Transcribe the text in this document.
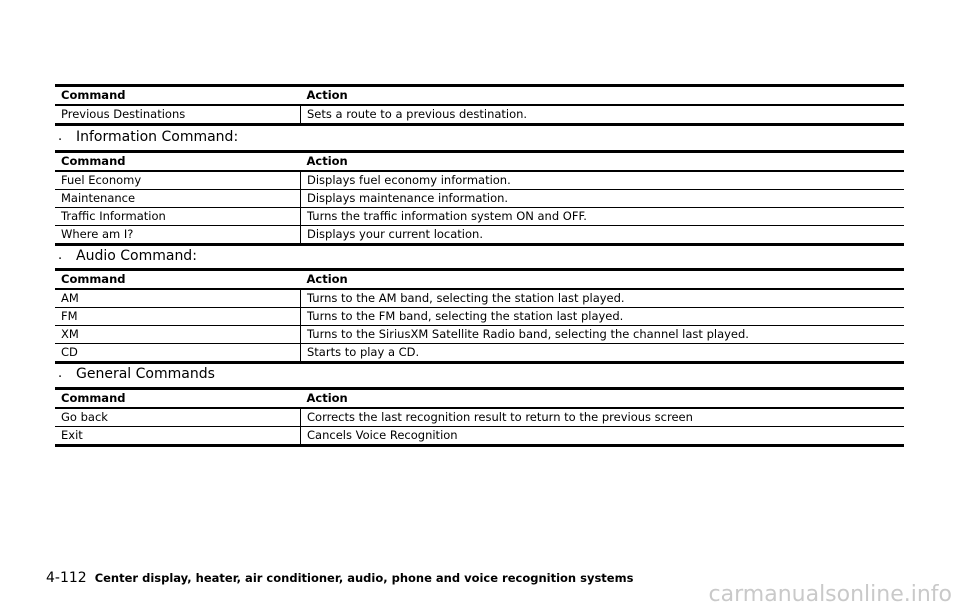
Command	Action
Previous Destinations	Sets a route to a previous destination.
. Information Command:
Command	Action
Fuel Economy	Displays fuel economy information.
Maintenance	Displays maintenance information.
Traffic Information	Turns the traffic information system ON and OFF.
Where am I?	Displays your current location.
. Audio Command:
Command	Action
AM	Turns to the AM band, selecting the station last played.
FM	Turns to the FM band, selecting the station last played.
XM	Turns to the SiriusXM Satellite Radio band, selecting the channel last played.
CD	Starts to play a CD.
. General Commands
Command	Action
Go back	Corrects the last recognition result to return to the previous screen
Exit	Cancels Voice Recognition
4-112 Center display, heater, air conditioner, audio, phone and voice recognition systems
carmanualsonline.info
